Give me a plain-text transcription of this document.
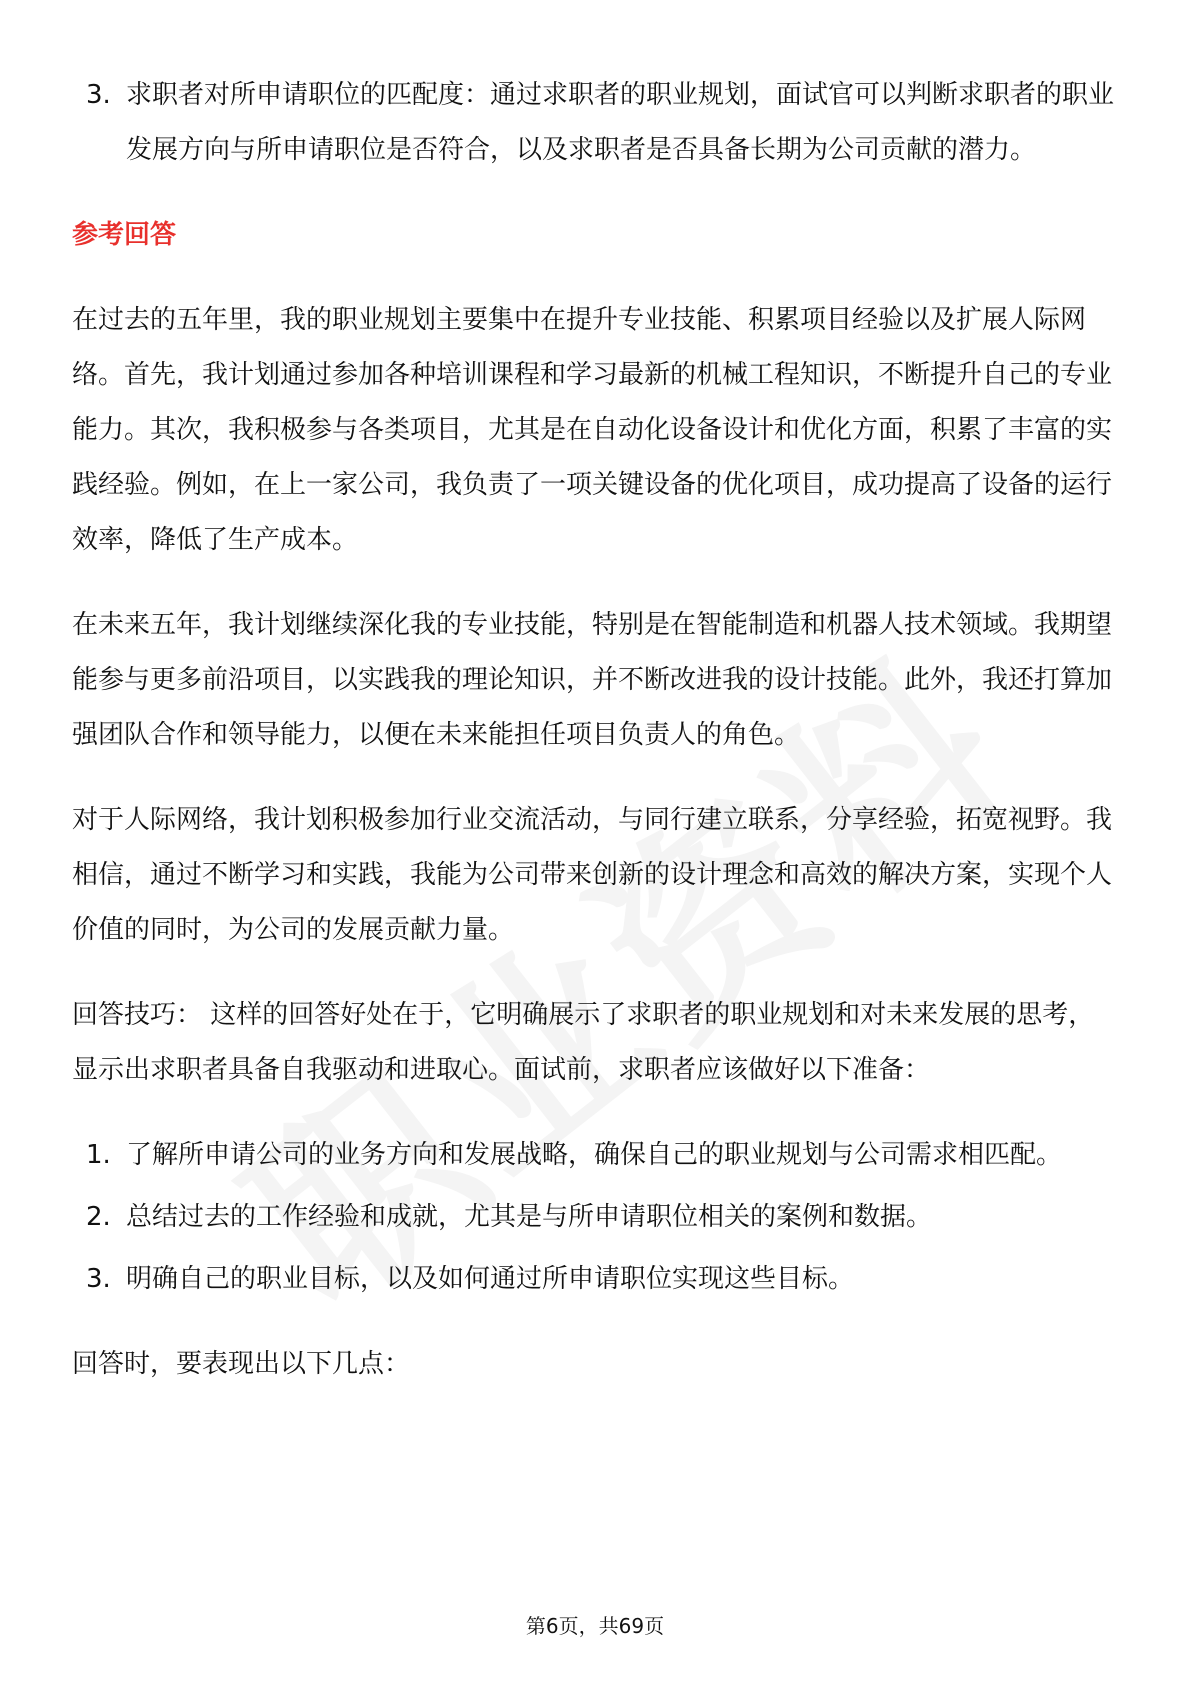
3. 求职者对所申请职位的匹配度：通过求职者的职业规划，面试官可以判断求职者的职业发展方向与所申请职位是否符合，以及求职者是否具备长期为公司贡献的潜力。
参考回答

在过去的五年里，我的职业规划主要集中在提升专业技能、积累项目经验以及扩展人际网络。首先，我计划通过参加各种培训课程和学习最新的机械工程知识，不断提升自己的专业能力。其次，我积极参与各类项目，尤其是在自动化设备设计和优化方面，积累了丰富的实践经验。例如，在上一家公司，我负责了一项关键设备的优化项目，成功提高了设备的运行效率，降低了生产成本。

在未来五年，我计划继续深化我的专业技能，特别是在智能制造和机器人技术领域。我期望能参与更多前沿项目，以实践我的理论知识，并不断改进我的设计技能。此外，我还打算加强团队合作和领导能力，以便在未来能担任项目负责人的角色。

对于人际网络，我计划积极参加行业交流活动，与同行建立联系，分享经验，拓宽视野。我相信，通过不断学习和实践，我能为公司带来创新的设计理念和高效的解决方案，实现个人价值的同时，为公司的发展贡献力量。

回答技巧： 这样的回答好处在于，它明确展示了求职者的职业规划和对未来发展的思考，显示出求职者具备自我驱动和进取心。面试前，求职者应该做好以下准备：

1. 了解所申请公司的业务方向和发展战略，确保自己的职业规划与公司需求相匹配。
2. 总结过去的工作经验和成就，尤其是与所申请职位相关的案例和数据。
3. 明确自己的职业目标，以及如何通过所申请职位实现这些目标。

回答时，要表现出以下几点：

第6页，共69页
